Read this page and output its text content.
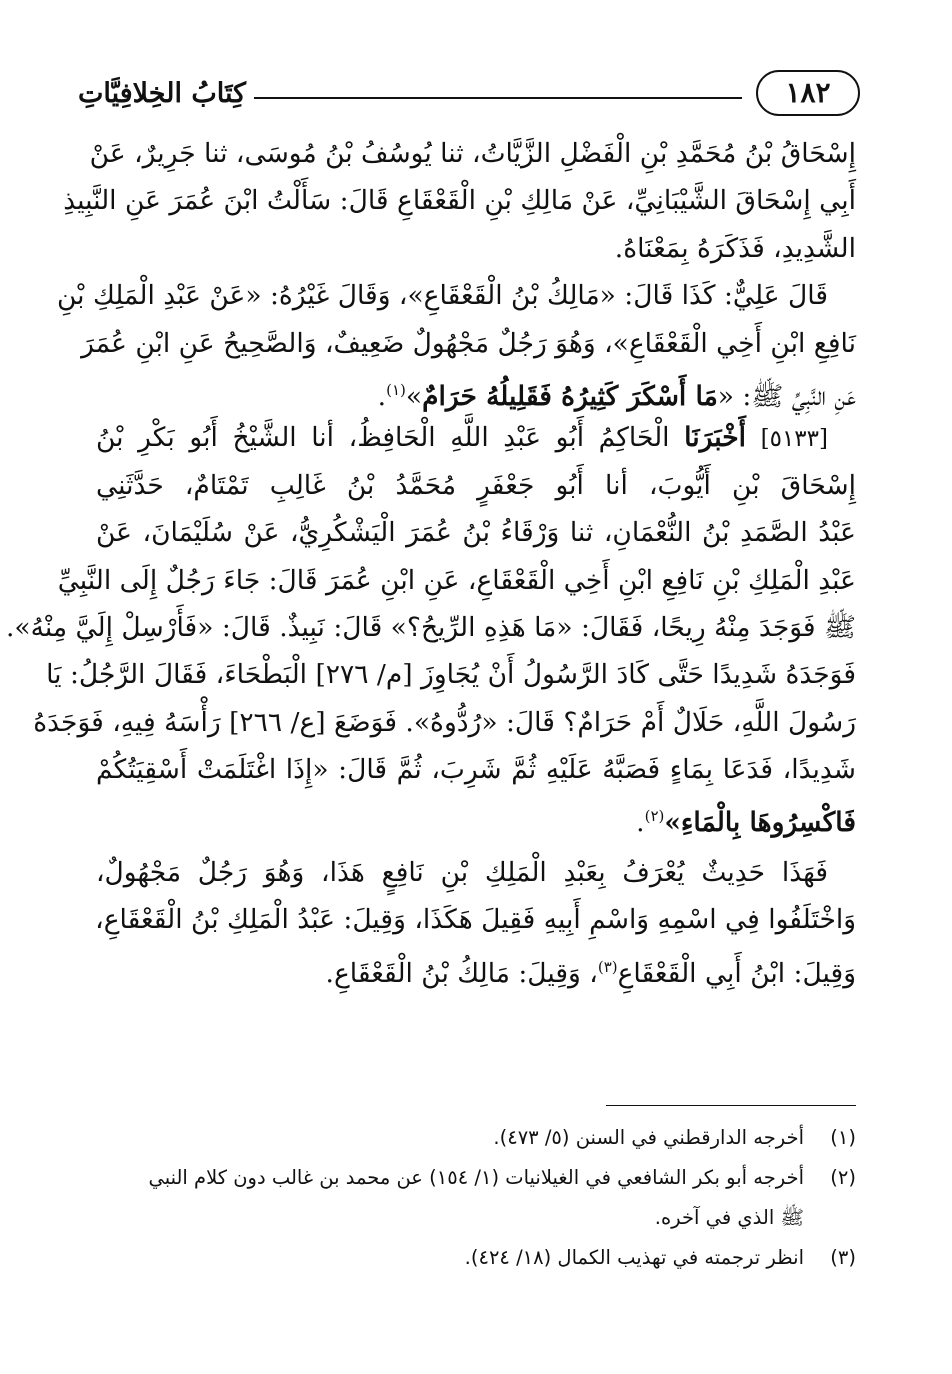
كِتَابُ الخِلافِيَّاتِ	١٨٢
إِسْحَاقُ بْنُ مُحَمَّدِ بْنِ الْفَضْلِ الزَّيَّاتُ، ثنا يُوسُفُ بْنُ مُوسَى، ثنا جَرِيرٌ، عَنْ
أَبِي إِسْحَاقَ الشَّيْبَانِيِّ، عَنْ مَالِكِ بْنِ الْقَعْقَاعِ قَالَ: سَأَلْتُ ابْنَ عُمَرَ عَنِ النَّبِيذِ
الشَّدِيدِ، فَذَكَرَهُ بِمَعْنَاهُ.
قَالَ عَلِيٌّ: كَذَا قَالَ: «مَالِكُ بْنُ الْقَعْقَاعِ»، وَقَالَ غَيْرُهُ: «عَنْ عَبْدِ الْمَلِكِ بْنِ
نَافِعِ ابْنِ أَخِي الْقَعْقَاعِ»، وَهُوَ رَجُلٌ مَجْهُولٌ ضَعِيفٌ، وَالصَّحِيحُ عَنِ ابْنِ عُمَرَ
عَنِ النَّبِيِّ ﷺ: «مَا أَسْكَرَ كَثِيرُهُ فَقَلِيلُهُ حَرَامٌ»$^{(١)}$.
[٥١٣٣] أَخْبَرَنَا الْحَاكِمُ أَبُو عَبْدِ اللَّهِ الْحَافِظُ، أنا الشَّيْخُ أَبُو بَكْرِ بْنُ
إِسْحَاقَ بْنِ أَيُّوبَ، أنا أَبُو جَعْفَرٍ مُحَمَّدُ بْنُ غَالِبِ تَمْتَامٌ، حَدَّثَنِي
عَبْدُ الصَّمَدِ بْنُ النُّعْمَانِ، ثنا وَرْقَاءُ بْنُ عُمَرَ الْيَشْكُرِيُّ، عَنْ سُلَيْمَانَ، عَنْ
عَبْدِ الْمَلِكِ بْنِ نَافِعِ ابْنِ أَخِي الْقَعْقَاعِ، عَنِ ابْنِ عُمَرَ قَالَ: جَاءَ رَجُلٌ إِلَى النَّبِيِّ
ﷺ فَوَجَدَ مِنْهُ رِيحًا، فَقَالَ: «مَا هَذِهِ الرِّيحُ؟» قَالَ: نَبِيذٌ. قَالَ: «فَأَرْسِلْ إِلَيَّ مِنْهُ».
فَوَجَدَهُ شَدِيدًا حَتَّى كَادَ الرَّسُولُ أَنْ يُجَاوِزَ [م/ ٢٧٦] الْبَطْحَاءَ، فَقَالَ الرَّجُلُ: يَا
رَسُولَ اللَّهِ، حَلَالٌ أَمْ حَرَامٌ؟ قَالَ: «رُدُّوهُ». فَوَضَعَ [ع/ ٢٦٦] رَأْسَهُ فِيهِ، فَوَجَدَهُ
شَدِيدًا، فَدَعَا بِمَاءٍ فَصَبَّهُ عَلَيْهِ ثُمَّ شَرِبَ، ثُمَّ قَالَ: «إِذَا اغْتَلَمَتْ أَسْقِيَتُكُمْ
فَاكْسِرُوهَا بِالْمَاءِ»$^{(٢)}$.
فَهَذَا حَدِيثٌ يُعْرَفُ بِعَبْدِ الْمَلِكِ بْنِ نَافِعٍ هَذَا، وَهُوَ رَجُلٌ مَجْهُولٌ،
وَاخْتَلَفُوا فِي اسْمِهِ وَاسْمِ أَبِيهِ فَقِيلَ هَكَذَا، وَقِيلَ: عَبْدُ الْمَلِكِ بْنُ الْقَعْقَاعِ،
وَقِيلَ: ابْنُ أَبِي الْقَعْقَاعِ$^{(٣)}$، وَقِيلَ: مَالِكُ بْنُ الْقَعْقَاعِ.
(١)أخرجه الدارقطني في السنن (٥/ ٤٧٣).
(٢)أخرجه أبو بكر الشافعي في الغيلانيات (١/ ١٥٤) عن محمد بن غالب دون كلام النبي
ﷺ الذي في آخره.
(٣)انظر ترجمته في تهذيب الكمال (١٨/ ٤٢٤).
